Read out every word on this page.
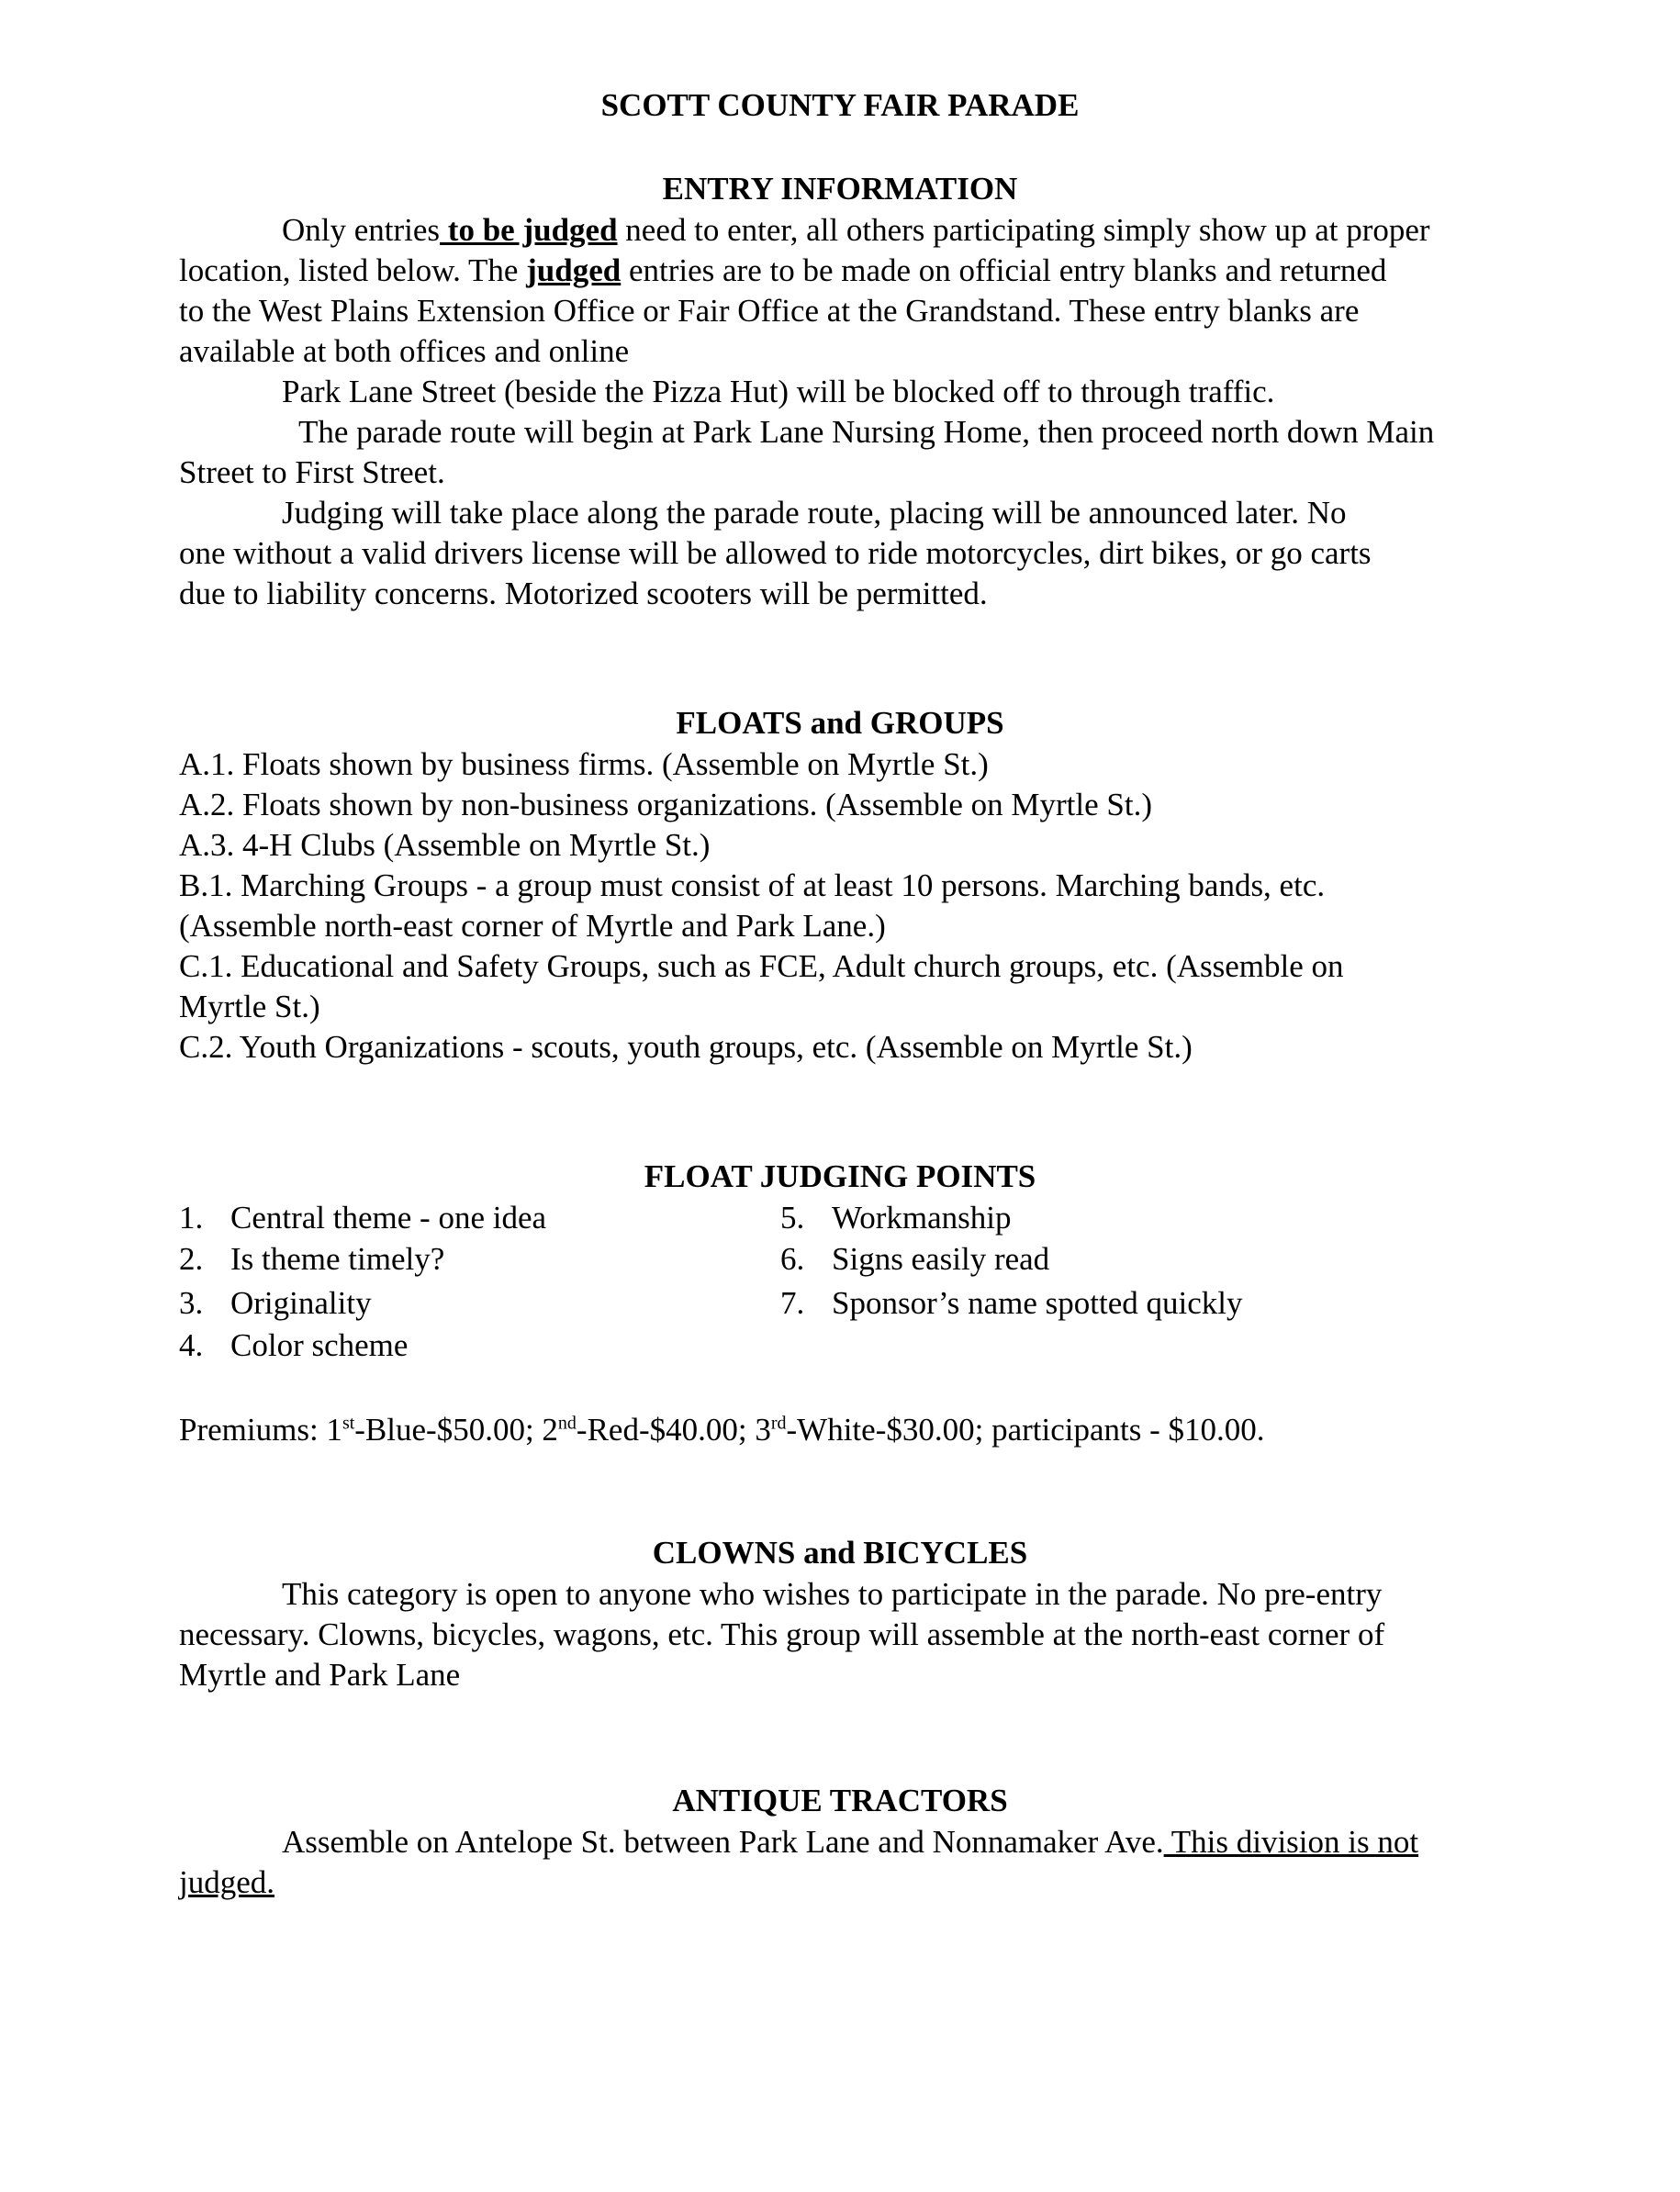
SCOTT COUNTY FAIR PARADE
ENTRY INFORMATION
Only entries to be judged need to enter, all others participating simply show up at proper
location, listed below. The judged entries are to be made on official entry blanks and returned
to the West Plains Extension Office or Fair Office at the Grandstand. These entry blanks are
available at both offices and online
Park Lane Street (beside the Pizza Hut) will be blocked off to through traffic.
The parade route will begin at Park Lane Nursing Home, then proceed north down Main
Street to First Street.
Judging will take place along the parade route, placing will be announced later. No
one without a valid drivers license will be allowed to ride motorcycles, dirt bikes, or go carts
due to liability concerns. Motorized scooters will be permitted.
FLOATS and GROUPS
A.1. Floats shown by business firms. (Assemble on Myrtle St.)
A.2. Floats shown by non-business organizations. (Assemble on Myrtle St.)
A.3. 4-H Clubs (Assemble on Myrtle St.)
B.1. Marching Groups - a group must consist of at least 10 persons. Marching bands, etc.
(Assemble north-east corner of Myrtle and Park Lane.)
C.1. Educational and Safety Groups, such as FCE, Adult church groups, etc. (Assemble on
Myrtle St.)
C.2. Youth Organizations - scouts, youth groups, etc. (Assemble on Myrtle St.)
FLOAT JUDGING POINTS

1. Central theme - one idea

2. Is theme timely?

3. Originality

4. Color scheme

5. Workmanship

6. Signs easily read

7. Sponsor’s name spotted quickly

Premiums: 1st-Blue-$50.00; 2nd-Red-$40.00; 3rd-White-$30.00; participants - $10.00.

CLOWNS and BICYCLES
This category is open to anyone who wishes to participate in the parade. No pre-entry
necessary. Clowns, bicycles, wagons, etc. This group will assemble at the north-east corner of
Myrtle and Park Lane
ANTIQUE TRACTORS
Assemble on Antelope St. between Park Lane and Nonnamaker Ave. This division is not
judged.
